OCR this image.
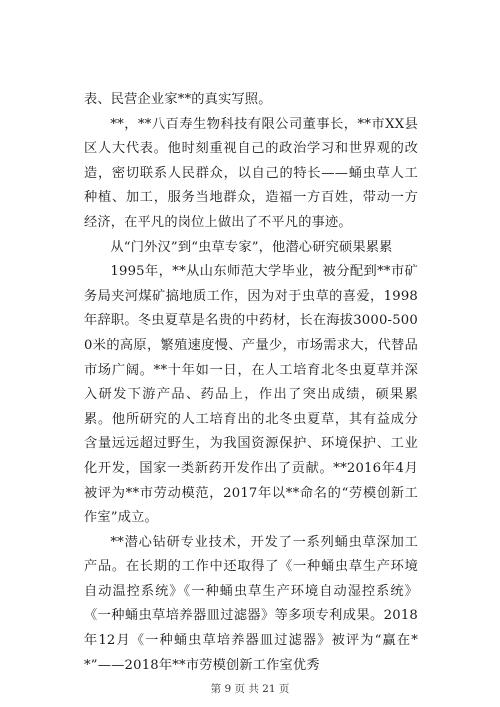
表、民营企业家**的真实写照。

**，**八百寿生物科技有限公司董事长，**市XX县区人大代表。他时刻重视自己的政治学习和世界观的改造，密切联系人民群众，以自己的特长——蛹虫草人工种植、加工，服务当地群众，造福一方百姓，带动一方经济，在平凡的岗位上做出了不平凡的事迹。

从“门外汉”到“虫草专家”，他潜心研究硕果累累

1995年，**从山东师范大学毕业，被分配到**市矿务局夹河煤矿搞地质工作，因为对于虫草的喜爱，1998年辞职。冬虫夏草是名贵的中药材，长在海拔3000-5000米的高原，繁殖速度慢、产量少，市场需求大，代替品市场广阔。**十年如一日，在人工培育北冬虫夏草并深入研发下游产品、药品上，作出了突出成绩，硕果累累。他所研究的人工培育出的北冬虫夏草，其有益成分含量远远超过野生，为我国资源保护、环境保护、工业化开发，国家一类新药开发作出了贡献。**2016年4月被评为**市劳动模范，2017年以**命名的“劳模创新工作室”成立。

**潜心钻研专业技术，开发了一系列蛹虫草深加工产品。在长期的工作中还取得了《一种蛹虫草生产环境自动温控系统》《一种蛹虫草生产环境自动湿控系统》《一种蛹虫草培养器皿过滤器》等多项专利成果。2018年12月《一种蛹虫草培养器皿过滤器》被评为“赢在**”——2018年**市劳模创新工作室优秀

第 9 页 共 21 页
